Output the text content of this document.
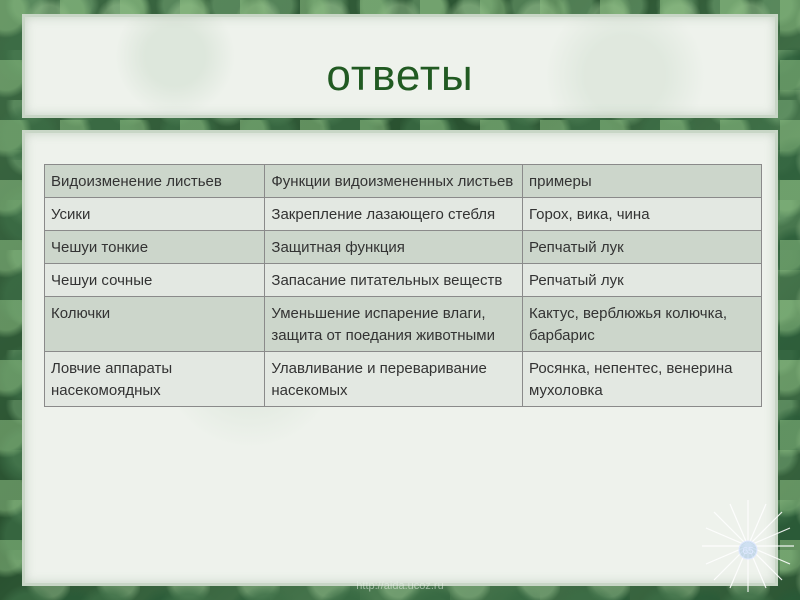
ответы
Видоизменение листьев	Функции видоизмененных листьев	примеры
Усики	Закрепление лазающего стебля	Горох, вика, чина
Чешуи тонкие	Защитная функция	Репчатый лук
Чешуи сочные	Запасание питательных веществ	Репчатый лук
Колючки	Уменьшение испарение влаги, защита от поедания животными	Кактус, верблюжья колючка, барбарис
Ловчие аппараты насекомоядных	Улавливание и переваривание насекомых	Росянка, непентес, венерина мухоловка
http://aida.ucoz.ru
65
